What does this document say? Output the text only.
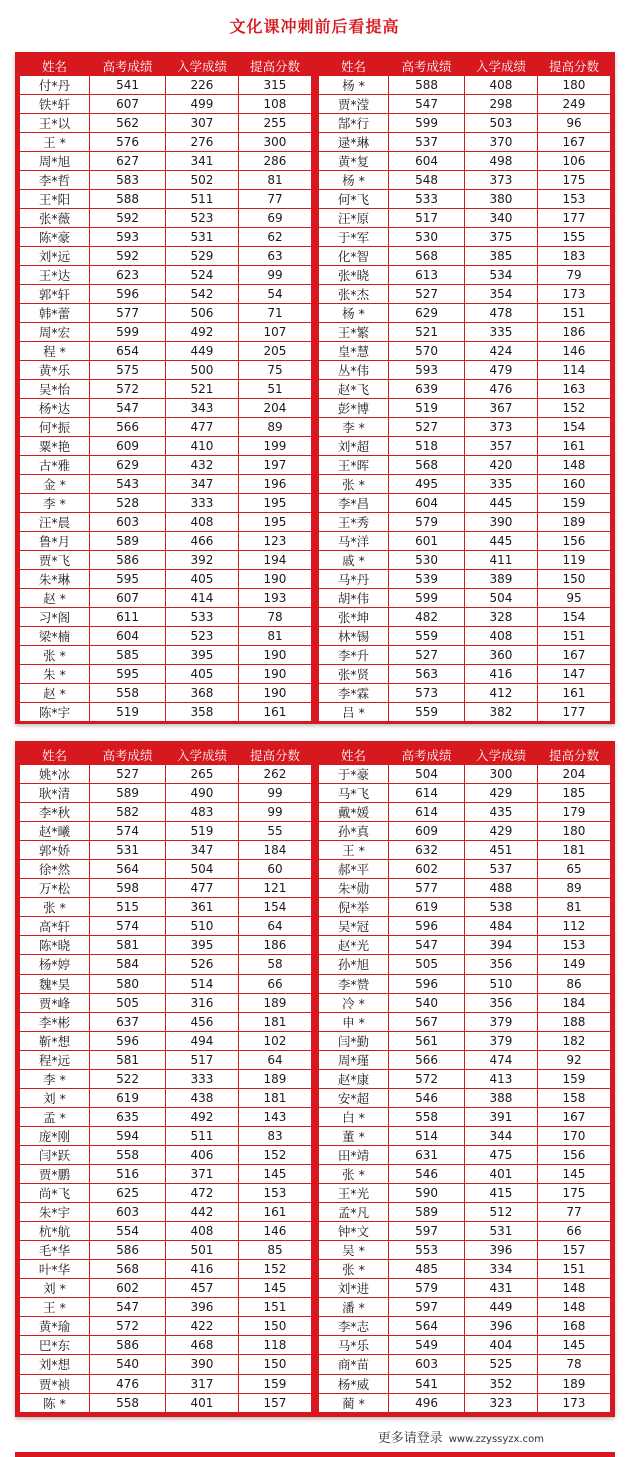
文化课冲刺前后看提高
姓名	高考成绩	入学成绩	提高分数
付*丹	541	226	315
铁*轩	607	499	108
王*以	562	307	255
王 *	576	276	300
周*旭	627	341	286
李*哲	583	502	81
王*阳	588	511	77
张*薇	592	523	69
陈*豪	593	531	62
刘*远	592	529	63
王*达	623	524	99
郭*轩	596	542	54
韩*蕾	577	506	71
周*宏	599	492	107
程 *	654	449	205
黄*乐	575	500	75
吴*怡	572	521	51
杨*达	547	343	204
何*振	566	477	89
粟*艳	609	410	199
古*雅	629	432	197
金 *	543	347	196
李 *	528	333	195
汪*晨	603	408	195
鲁*月	589	466	123
贾*飞	586	392	194
朱*琳	595	405	190
赵 *	607	414	193
习*阁	611	533	78
梁*楠	604	523	81
张 *	585	395	190
朱 *	595	405	190
赵 *	558	368	190
陈*宇	519	358	161
姓名	高考成绩	入学成绩	提高分数
杨 *	588	408	180
贾*滢	547	298	249
郜*行	599	503	96
逯*琳	537	370	167
黄*复	604	498	106
杨 *	548	373	175
何*飞	533	380	153
汪*原	517	340	177
于*军	530	375	155
化*智	568	385	183
张*晓	613	534	79
张*杰	527	354	173
杨 *	629	478	151
王*繁	521	335	186
皇*慧	570	424	146
丛*伟	593	479	114
赵*飞	639	476	163
彭*博	519	367	152
李 *	527	373	154
刘*超	518	357	161
王*晖	568	420	148
张 *	495	335	160
李*昌	604	445	159
王*秀	579	390	189
马*洋	601	445	156
戚 *	530	411	119
马*丹	539	389	150
胡*伟	599	504	95
张*坤	482	328	154
林*锡	559	408	151
李*升	527	360	167
张*贤	563	416	147
李*霖	573	412	161
吕 *	559	382	177
姓名	高考成绩	入学成绩	提高分数
姚*冰	527	265	262
耿*清	589	490	99
李*秋	582	483	99
赵*曦	574	519	55
郭*娇	531	347	184
徐*然	564	504	60
万*松	598	477	121
张 *	515	361	154
高*轩	574	510	64
陈*晓	581	395	186
杨*婷	584	526	58
魏*昊	580	514	66
贾*峰	505	316	189
李*彬	637	456	181
靳*想	596	494	102
程*远	581	517	64
李 *	522	333	189
刘 *	619	438	181
孟 *	635	492	143
庞*刚	594	511	83
闫*跃	558	406	152
贾*鹏	516	371	145
尚*飞	625	472	153
朱*宇	603	442	161
杭*航	554	408	146
毛*华	586	501	85
叶*华	568	416	152
刘 *	602	457	145
王 *	547	396	151
黄*瑜	572	422	150
巴*东	586	468	118
刘*想	540	390	150
贾*祯	476	317	159
陈 *	558	401	157
姓名	高考成绩	入学成绩	提高分数
于*豪	504	300	204
马*飞	614	429	185
戴*媛	614	435	179
孙*真	609	429	180
王 *	632	451	181
郝*平	602	537	65
朱*勋	577	488	89
倪*举	619	538	81
吴*冠	596	484	112
赵*光	547	394	153
孙*旭	505	356	149
李*赞	596	510	86
冷 *	540	356	184
申 *	567	379	188
闫*勤	561	379	182
周*瑾	566	474	92
赵*康	572	413	159
安*超	546	388	158
白 *	558	391	167
董 *	514	344	170
田*靖	631	475	156
张 *	546	401	145
王*光	590	415	175
孟*凡	589	512	77
钟*文	597	531	66
吴 *	553	396	157
张 *	485	334	151
刘*进	579	431	148
潘 *	597	449	148
李*志	564	396	168
马*乐	549	404	145
商*苗	603	525	78
杨*威	541	352	189
蔺 *	496	323	173
更多请登录 www.zzyssyzx.com
